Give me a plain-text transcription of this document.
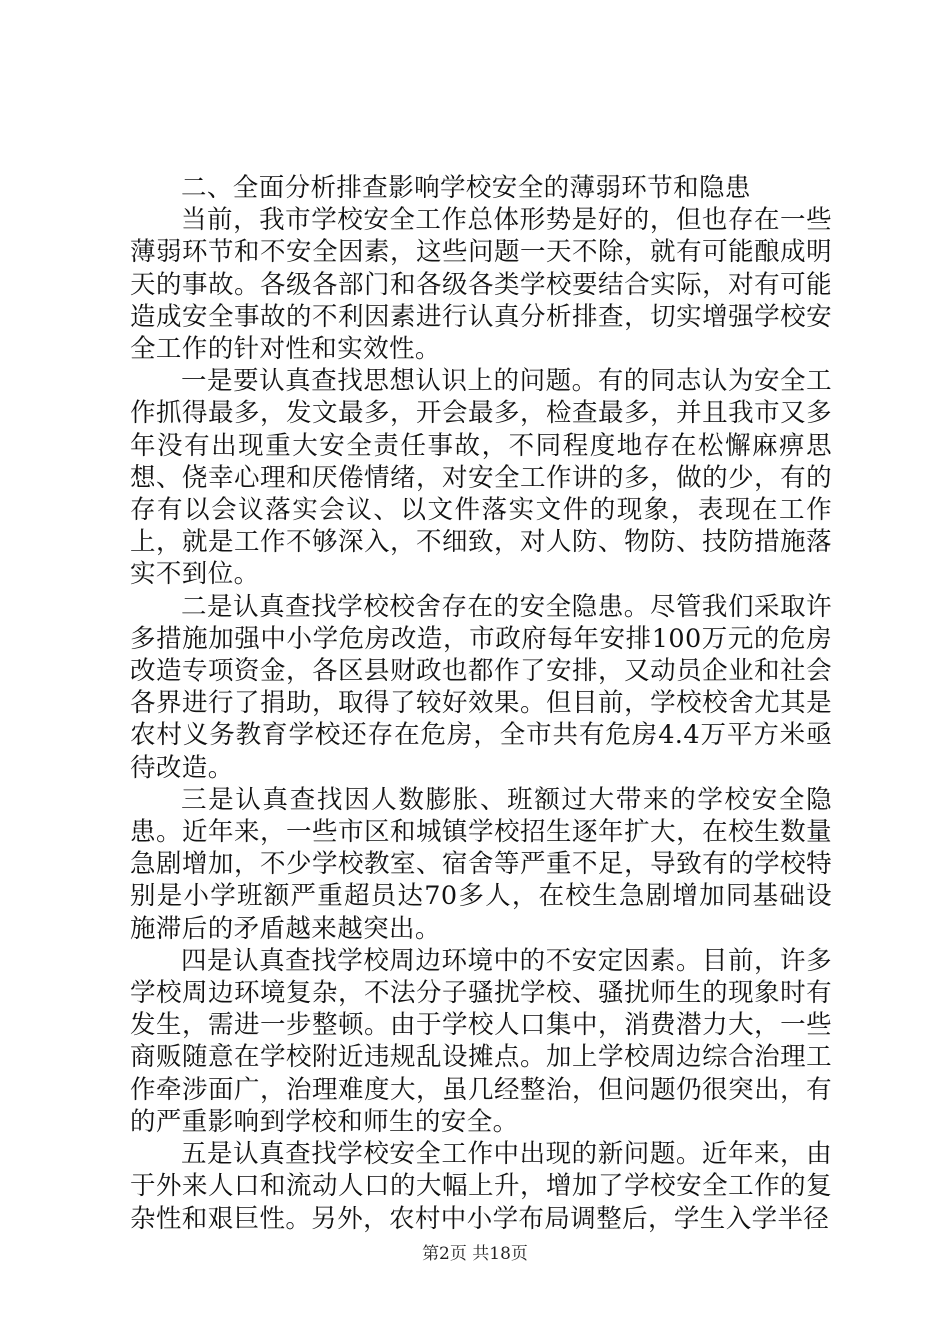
二、全面分析排查影响学校安全的薄弱环节和隐患

当前，我市学校安全工作总体形势是好的，但也存在一些薄弱环节和不安全因素，这些问题一天不除，就有可能酿成明天的事故。各级各部门和各级各类学校要结合实际，对有可能造成安全事故的不利因素进行认真分析排查，切实增强学校安全工作的针对性和实效性。

一是要认真查找思想认识上的问题。有的同志认为安全工作抓得最多，发文最多，开会最多，检查最多，并且我市又多年没有出现重大安全责任事故，不同程度地存在松懈麻痹思想、侥幸心理和厌倦情绪，对安全工作讲的多，做的少，有的存有以会议落实会议、以文件落实文件的现象，表现在工作上，就是工作不够深入，不细致，对人防、物防、技防措施落实不到位。

二是认真查找学校校舍存在的安全隐患。尽管我们采取许多措施加强中小学危房改造，市政府每年安排100万元的危房改造专项资金，各区县财政也都作了安排，又动员企业和社会各界进行了捐助，取得了较好效果。但目前，学校校舍尤其是农村义务教育学校还存在危房，全市共有危房4.4万平方米亟待改造。

三是认真查找因人数膨胀、班额过大带来的学校安全隐患。近年来，一些市区和城镇学校招生逐年扩大，在校生数量急剧增加，不少学校教室、宿舍等严重不足，导致有的学校特别是小学班额严重超员达70多人，在校生急剧增加同基础设施滞后的矛盾越来越突出。

四是认真查找学校周边环境中的不安定因素。目前，许多学校周边环境复杂，不法分子骚扰学校、骚扰师生的现象时有发生，需进一步整顿。由于学校人口集中，消费潜力大，一些商贩随意在学校附近违规乱设摊点。加上学校周边综合治理工作牵涉面广，治理难度大，虽几经整治，但问题仍很突出，有的严重影响到学校和师生的安全。

五是认真查找学校安全工作中出现的新问题。近年来，由于外来人口和流动人口的大幅上升，增加了学校安全工作的复杂性和艰巨性。另外，农村中小学布局调整后，学生入学半径

第2页 共18页
